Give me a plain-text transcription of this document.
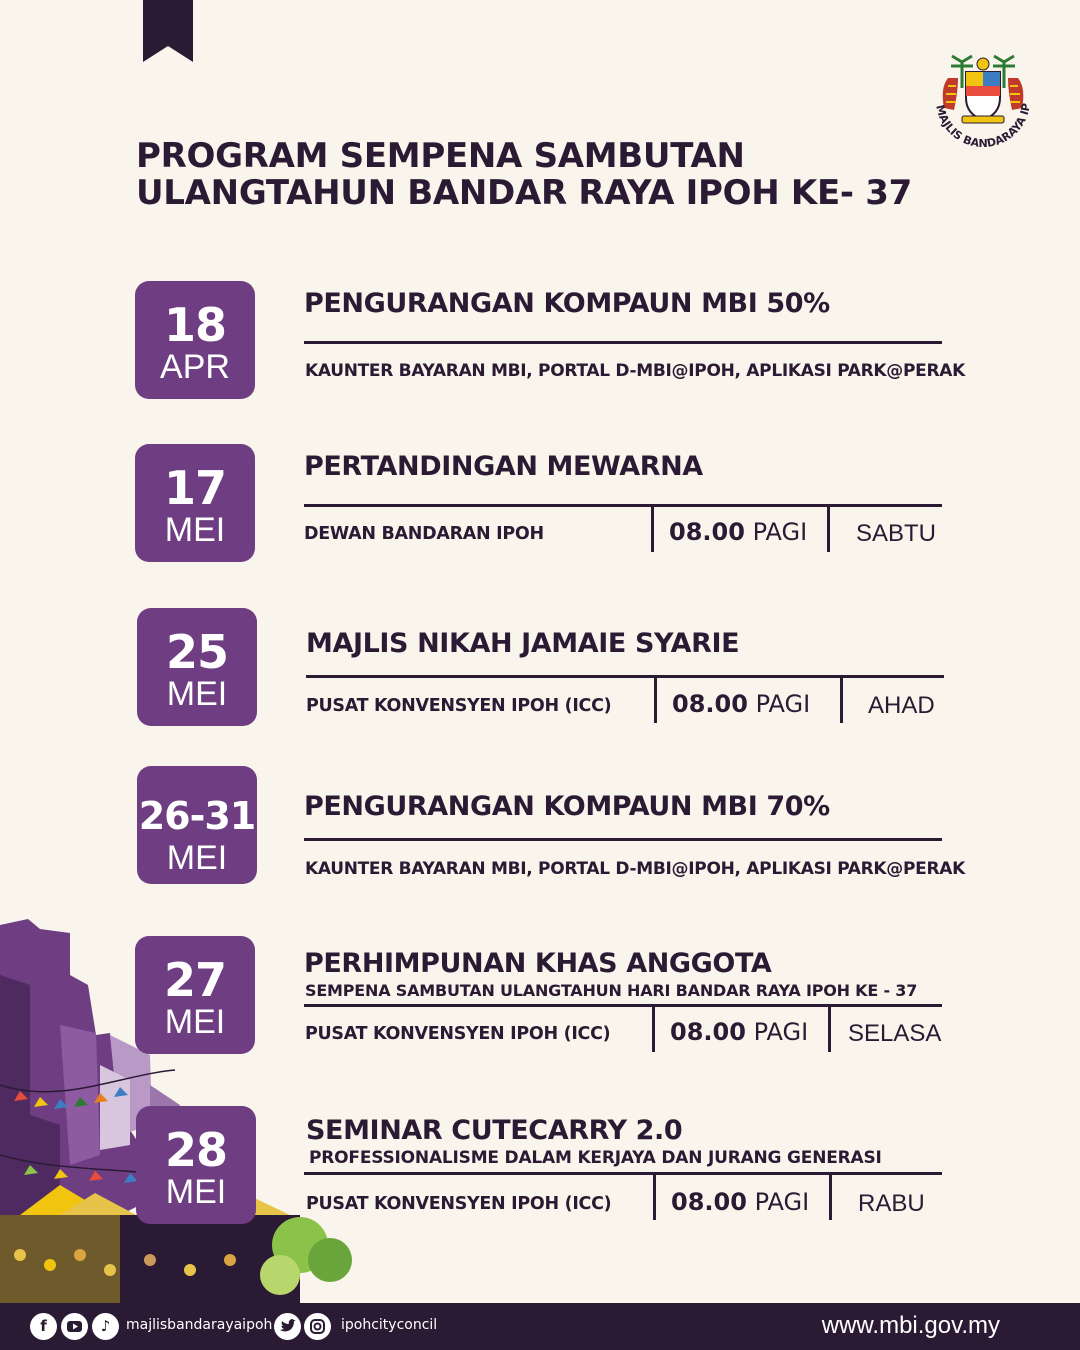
MAJLIS BANDARAYA IP
PROGRAM SEMPENA SAMBUTAN
ULANGTAHUN BANDAR RAYA IPOH KE- 37
18
APR
PENGURANGAN KOMPAUN MBI 50%
KAUNTER BAYARAN MBI, PORTAL D-MBI@IPOH, APLIKASI PARK@PERAK
17
MEI
PERTANDINGAN MEWARNA
DEWAN BANDARAN IPOH	08.00 PAGI SABTU
25
MEI
MAJLIS NIKAH JAMAIE SYARIE
PUSAT KONVENSYEN IPOH (ICC)	08.00 PAGI AHAD
26-31
MEI
PENGURANGAN KOMPAUN MBI 70%
KAUNTER BAYARAN MBI, PORTAL D-MBI@IPOH, APLIKASI PARK@PERAK
27
MEI
PERHIMPUNAN KHAS ANGGOTA
SEMPENA SAMBUTAN ULANGTAHUN HARI BANDAR RAYA IPOH KE - 37
PUSAT KONVENSYEN IPOH (ICC) 08.00 PAGI SELASA
28
MEI
SEMINAR CUTECARRY 2.0
PROFESSIONALISME DALAM KERJAYA DAN JURANG GENERASI
PUSAT KONVENSYEN IPOH (ICC) 08.00 PAGI RABU
f	♪	majlisbandarayaipoh	ipohcityconcil	www.mbi.gov.my
